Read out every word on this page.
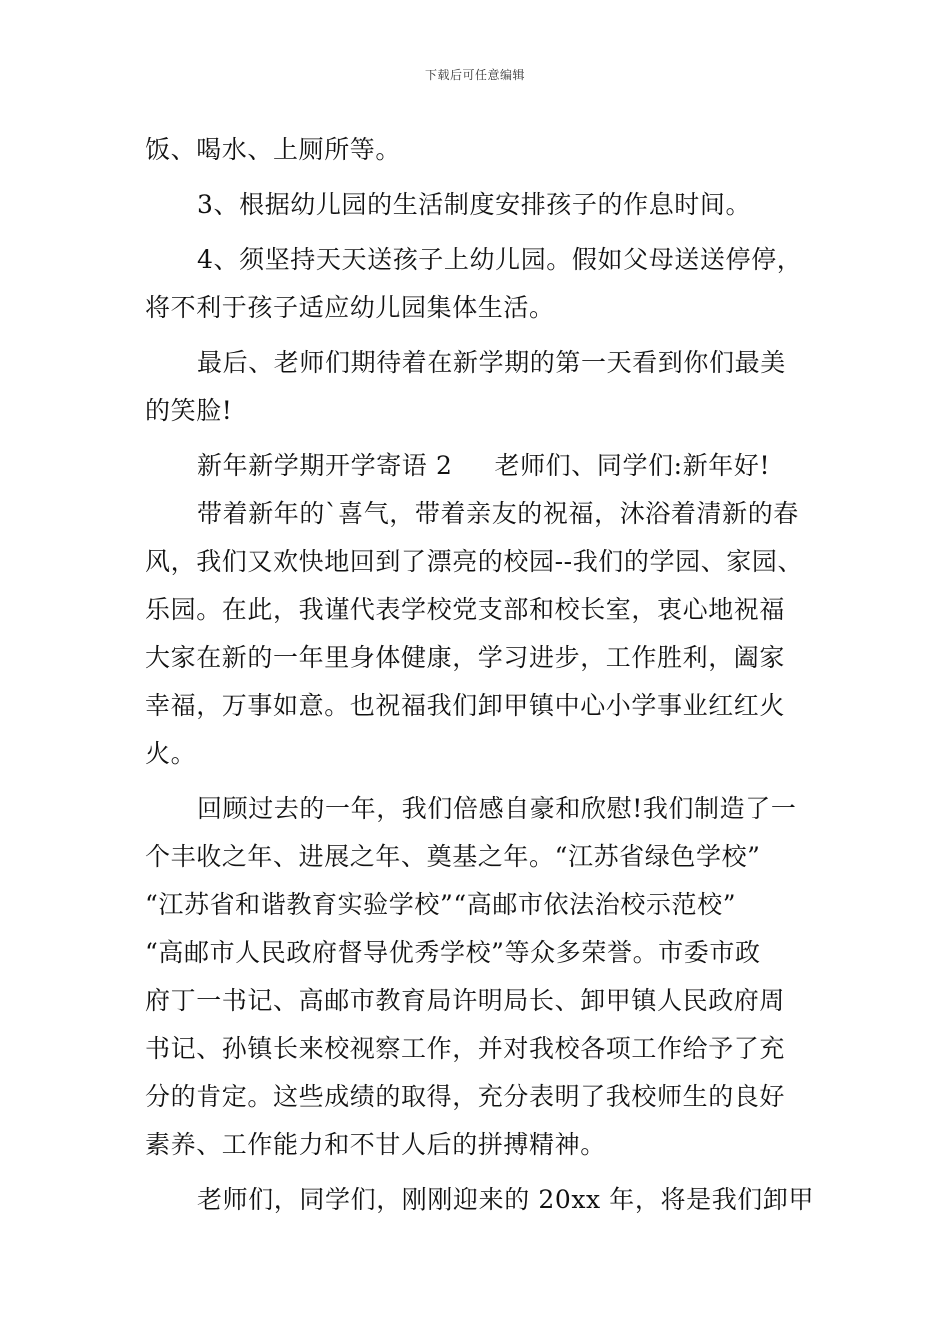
下载后可任意编辑
饭、喝水、上厕所等。
3、根据幼儿园的生活制度安排孩子的作息时间。
4、须坚持天天送孩子上幼儿园。假如父母送送停停，
将不利于孩子适应幼儿园集体生活。
最后、老师们期待着在新学期的第一天看到你们最美
的笑脸!
新年新学期开学寄语 2 老师们、同学们:新年好!
带着新年的`喜气，带着亲友的祝福，沐浴着清新的春
风，我们又欢快地回到了漂亮的校园--我们的学园、家园、
乐园。在此，我谨代表学校党支部和校长室，衷心地祝福
大家在新的一年里身体健康，学习进步，工作胜利，阖家
幸福，万事如意。也祝福我们卸甲镇中心小学事业红红火
火。
回顾过去的一年，我们倍感自豪和欣慰!我们制造了一
个丰收之年、进展之年、奠基之年。“江苏省绿色学校”
“江苏省和谐教育实验学校”“高邮市依法治校示范校”
“高邮市人民政府督导优秀学校”等众多荣誉。市委市政
府丁一书记、高邮市教育局许明局长、卸甲镇人民政府周
书记、孙镇长来校视察工作，并对我校各项工作给予了充
分的肯定。这些成绩的取得，充分表明了我校师生的良好
素养、工作能力和不甘人后的拼搏精神。
老师们，同学们，刚刚迎来的 20xx 年，将是我们卸甲
